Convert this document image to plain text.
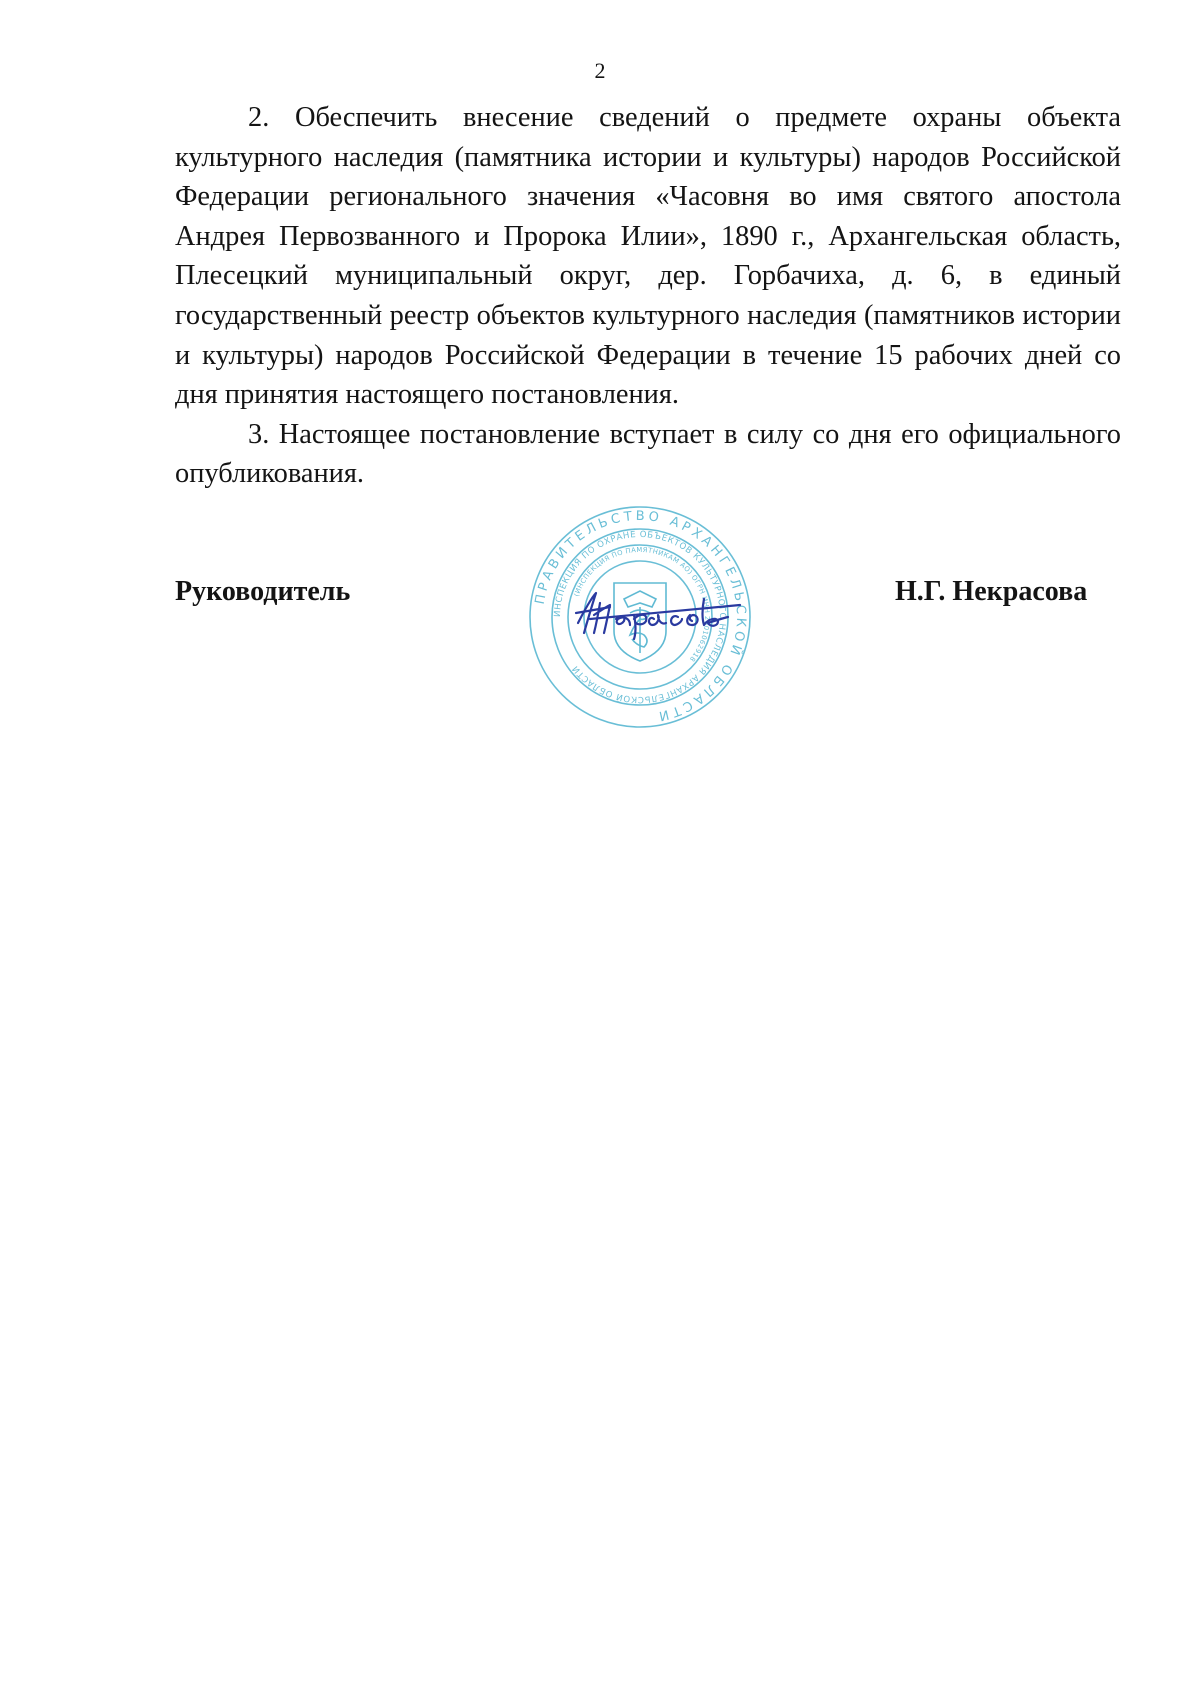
2

2. Обеспечить внесение сведений о предмете охраны объекта культурного наследия (памятника истории и культуры) народов Российской Федерации регионального значения «Часовня во имя святого апостола Андрея Первозванного и Пророка Илии», 1890 г., Архангельская область, Плесецкий муниципальный округ, дер. Горбачиха, д. 6, в единый государственный реестр объектов культурного наследия (памятников истории и культуры) народов Российской Федерации в течение 15 рабочих дней со дня принятия настоящего постановления.

3. Настоящее постановление вступает в силу со дня его официального опубликования.

ПРАВИТЕЛЬСТВО АРХАНГЕЛЬСКОЙ ОБЛАСТИ
ИНСПЕКЦИЯ ПО ОХРАНЕ ОБЪЕКТОВ КУЛЬТУРНОГО НАСЛЕДИЯ АРХАНГЕЛЬСКОЙ ОБЛАСТИ
(ИНСПЕКЦИЯ ПО ПАМЯТНИКАМ АО) ОГРН ИНН 2901062918
Руководитель	Н.Г. Некрасова
